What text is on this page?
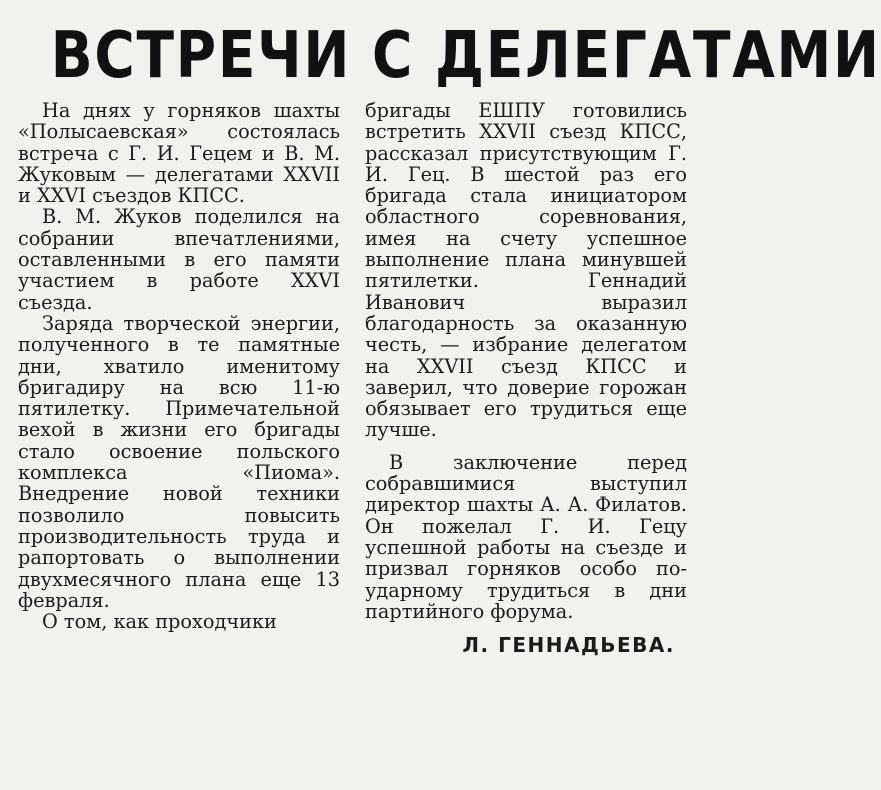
ВСТРЕЧИ С ДЕЛЕГАТАМИ

На днях у горняков шахты «Полысаевская» состоялась встреча с Г. И. Гецем и В. М. Жуковым — делегатами XXVII и XXVI съездов КПСС.

В. М. Жуков поделился на собрании впечатлениями, оставленными в его памяти участием в работе XXVI съезда.

Заряда творческой энергии, полученного в те памятные дни, хватило именитому бригадиру на всю 11-ю пятилетку. Примечательной вехой в жизни его бригады стало освоение польского комплекса «Пиома». Внедрение новой техники позволило повысить производительность труда и рапортовать о выполнении двухмесячного плана еще 13 февраля.

О том, как проходчики

бригады ЕШПУ готовились встретить XXVII съезд КПСС, рассказал присутствующим Г. И. Гец. В шестой раз его бригада стала инициатором областного соревнования, имея на счету успешное выполнение плана минувшей пятилетки. Геннадий Иванович выразил благодарность за оказанную честь, — избрание делегатом на XXVII съезд КПСС и заверил, что доверие горожан обязывает его трудиться еще лучше.

В заключение перед собравшимися выступил директор шахты А. А. Филатов. Он пожелал Г. И. Гецу успешной работы на съезде и призвал горняков особо по-ударному трудиться в дни партийного форума.

Л. ГЕННАДЬЕВА.
